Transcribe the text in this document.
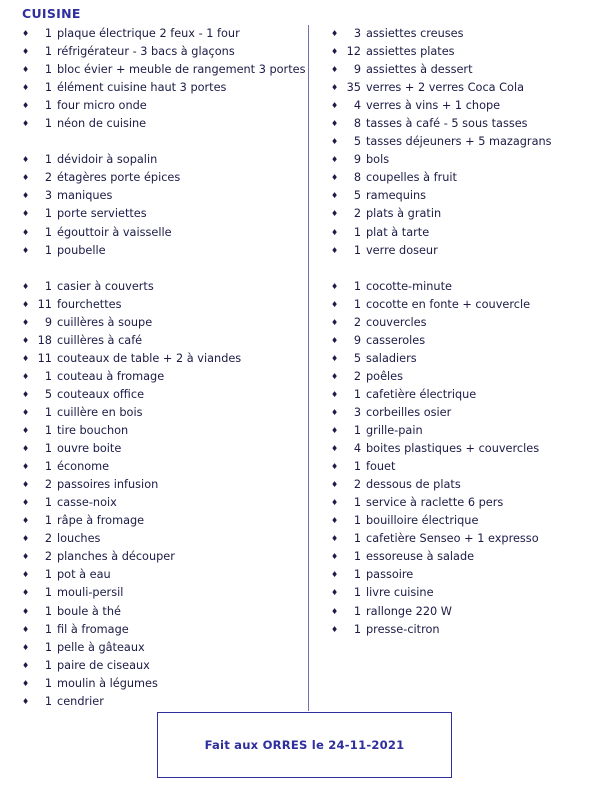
CUISINE
♦ 1 plaque électrique 2 feux - 1 four
♦ 1 réfrigérateur - 3 bacs à glaçons
♦ 1 bloc évier + meuble de rangement 3 portes
♦ 1 élément cuisine haut 3 portes
♦ 1 four micro onde
♦ 1 néon de cuisine
♦ 1 dévidoir à sopalin
♦ 2 étagères porte épices
♦ 3 maniques
♦ 1 porte serviettes
♦ 1 égouttoir à vaisselle
♦ 1 poubelle
♦ 1 casier à couverts
♦ 11 fourchettes
♦ 9 cuillères à soupe
♦ 18 cuillères à café
♦ 11 couteaux de table + 2 à viandes
♦ 1 couteau à fromage
♦ 5 couteaux office
♦ 1 cuillère en bois
♦ 1 tire bouchon
♦ 1 ouvre boite
♦ 1 économe
♦ 2 passoires infusion
♦ 1 casse-noix
♦ 1 râpe à fromage
♦ 2 louches
♦ 2 planches à découper
♦ 1 pot à eau
♦ 1 mouli-persil
♦ 1 boule à thé
♦ 1 fil à fromage
♦ 1 pelle à gâteaux
♦ 1 paire de ciseaux
♦ 1 moulin à légumes
♦ 1 cendrier
♦ 3 assiettes creuses
♦ 12 assiettes plates
♦ 9 assiettes à dessert
♦ 35 verres + 2 verres Coca Cola
♦ 4 verres à vins + 1 chope
♦ 8 tasses à café - 5 sous tasses
♦ 5 tasses déjeuners + 5 mazagrans
♦ 9 bols
♦ 8 coupelles à fruit
♦ 5 ramequins
♦ 2 plats à gratin
♦ 1 plat à tarte
♦ 1 verre doseur
♦ 1 cocotte-minute
♦ 1 cocotte en fonte + couvercle
♦ 2 couvercles
♦ 9 casseroles
♦ 5 saladiers
♦ 2 poêles
♦ 1 cafetière électrique
♦ 3 corbeilles osier
♦ 1 grille-pain
♦ 4 boites plastiques + couvercles
♦ 1 fouet
♦ 2 dessous de plats
♦ 1 service à raclette 6 pers
♦ 1 bouilloire électrique
♦ 1 cafetière Senseo + 1 expresso
♦ 1 essoreuse à salade
♦ 1 passoire
♦ 1 livre cuisine
♦ 1 rallonge 220 W
♦ 1 presse-citron
Fait aux ORRES le 24-11-2021
